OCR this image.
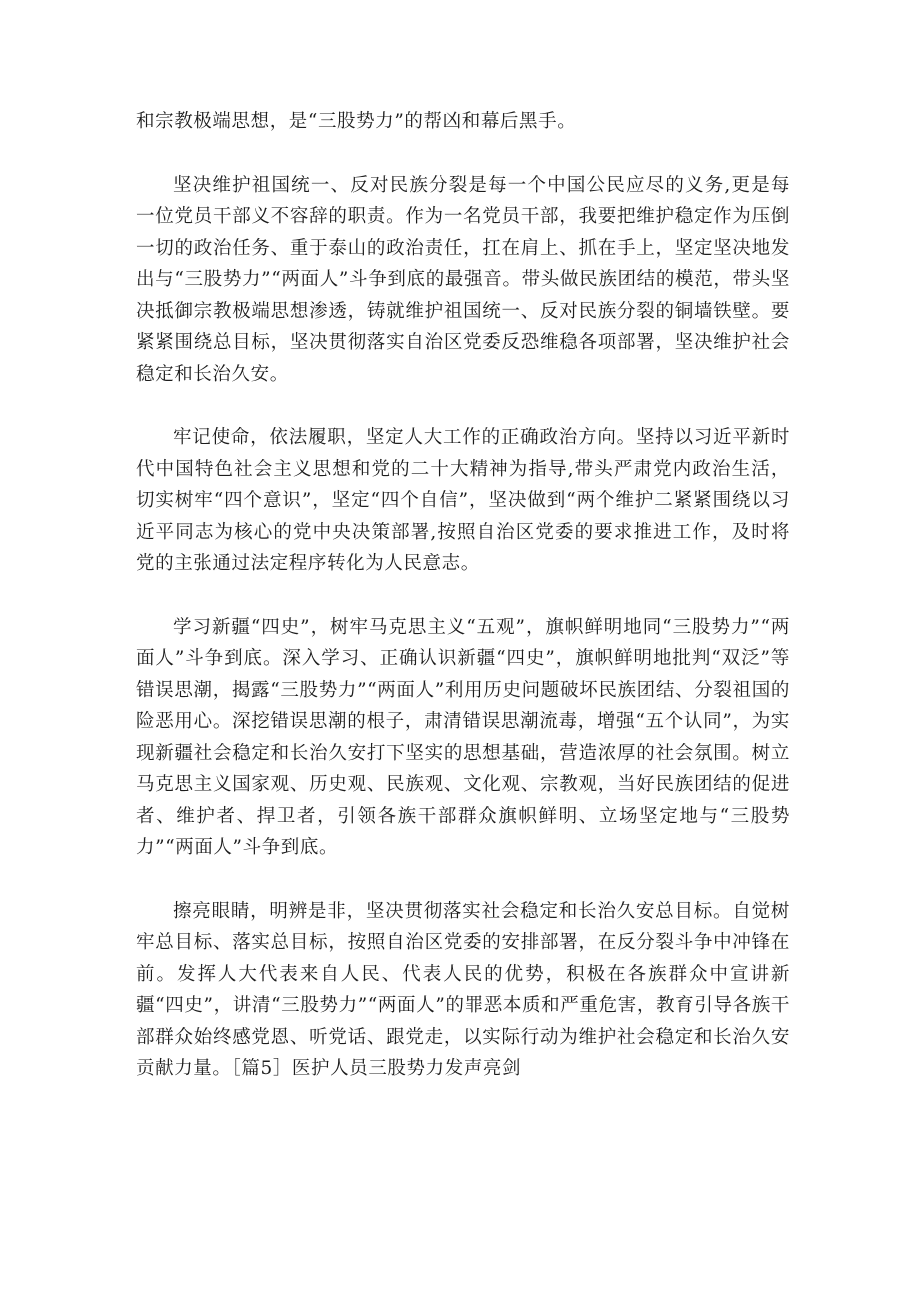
和宗教极端思想，是“三股势力”的帮凶和幕后黑手。

坚决维护祖国统一、反对民族分裂是每一个中国公民应尽的义务,更是每一位党员干部义不容辞的职责。作为一名党员干部，我要把维护稳定作为压倒一切的政治任务、重于泰山的政治责任，扛在肩上、抓在手上，坚定坚决地发出与“三股势力”“两面人”斗争到底的最强音。带头做民族团结的模范，带头坚决抵御宗教极端思想渗透，铸就维护祖国统一、反对民族分裂的铜墙铁壁。要紧紧围绕总目标，坚决贯彻落实自治区党委反恐维稳各项部署，坚决维护社会稳定和长治久安。

牢记使命，依法履职，坚定人大工作的正确政治方向。坚持以习近平新时代中国特色社会主义思想和党的二十大精神为指导,带头严肃党内政治生活，切实树牢“四个意识”，坚定“四个自信”，坚决做到“两个维护二紧紧围绕以习近平同志为核心的党中央决策部署,按照自治区党委的要求推进工作，及时将党的主张通过法定程序转化为人民意志。

学习新疆“四史”，树牢马克思主义“五观”，旗帜鲜明地同“三股势力”“两面人”斗争到底。深入学习、正确认识新疆“四史”，旗帜鲜明地批判“双泛”等错误思潮，揭露“三股势力”“两面人”利用历史问题破坏民族团结、分裂祖国的险恶用心。深挖错误思潮的根子，肃清错误思潮流毒，增强“五个认同”，为实现新疆社会稳定和长治久安打下坚实的思想基础，营造浓厚的社会氛围。树立马克思主义国家观、历史观、民族观、文化观、宗教观，当好民族团结的促进者、维护者、捍卫者，引领各族干部群众旗帜鲜明、立场坚定地与“三股势力”“两面人”斗争到底。

擦亮眼睛，明辨是非，坚决贯彻落实社会稳定和长治久安总目标。自觉树牢总目标、落实总目标，按照自治区党委的安排部署，在反分裂斗争中冲锋在前。发挥人大代表来自人民、代表人民的优势，积极在各族群众中宣讲新疆“四史”，讲清“三股势力”“两面人”的罪恶本质和严重危害，教育引导各族干部群众始终感党恩、听党话、跟党走，以实际行动为维护社会稳定和长治久安贡献力量。［篇5］医护人员三股势力发声亮剑
